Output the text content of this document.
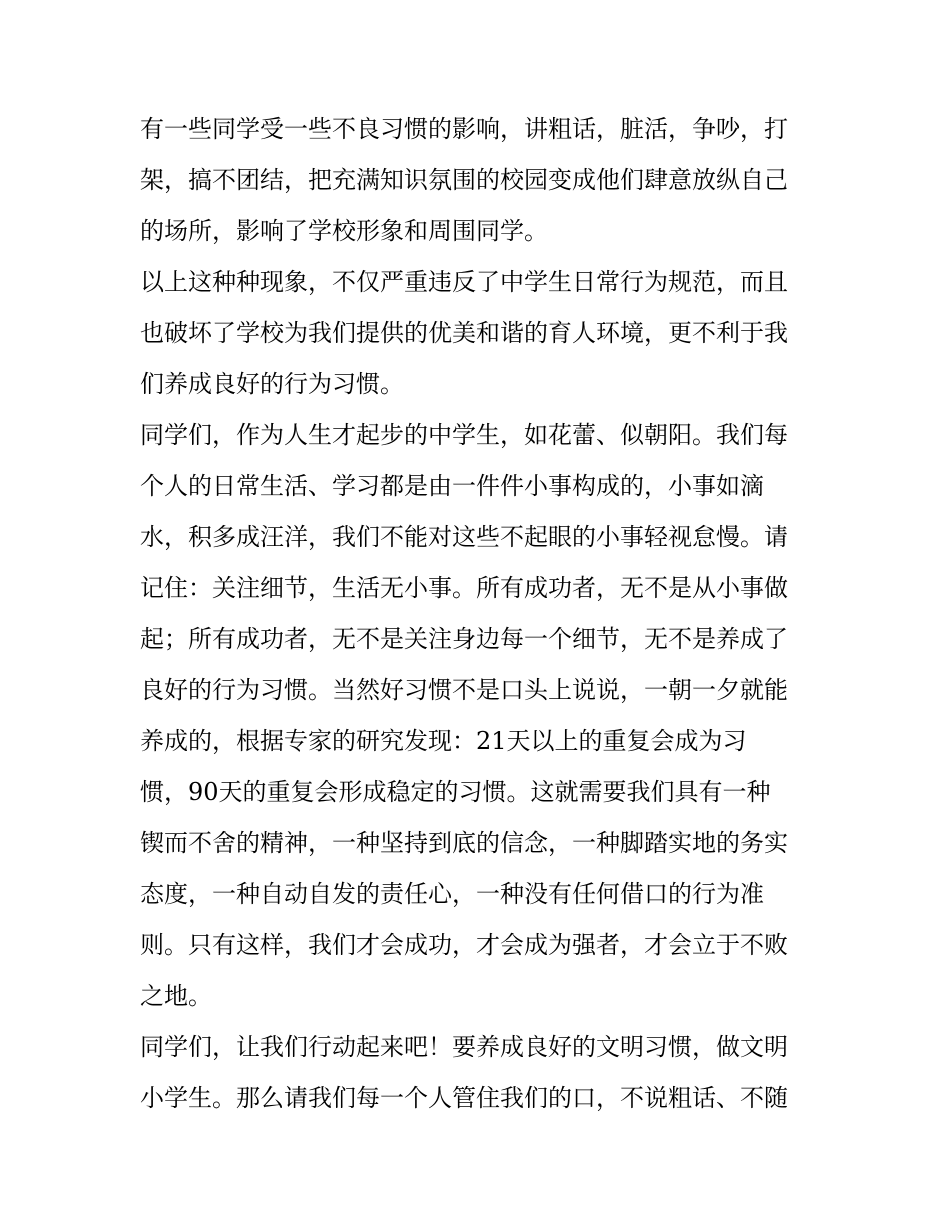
有一些同学受一些不良习惯的影响，讲粗话，脏活，争吵，打
架，搞不团结，把充满知识氛围的校园变成他们肆意放纵自己
的场所，影响了学校形象和周围同学。
以上这种种现象，不仅严重违反了中学生日常行为规范，而且
也破坏了学校为我们提供的优美和谐的育人环境，更不利于我
们养成良好的行为习惯。
同学们，作为人生才起步的中学生，如花蕾、似朝阳。我们每
个人的日常生活、学习都是由一件件小事构成的，小事如滴
水，积多成汪洋，我们不能对这些不起眼的小事轻视怠慢。请
记住：关注细节，生活无小事。所有成功者，无不是从小事做
起；所有成功者，无不是关注身边每一个细节，无不是养成了
良好的行为习惯。当然好习惯不是口头上说说，一朝一夕就能
养成的，根据专家的研究发现：21天以上的重复会成为习
惯，90天的重复会形成稳定的习惯。这就需要我们具有一种
锲而不舍的精神，一种坚持到底的信念，一种脚踏实地的务实
态度，一种自动自发的责任心，一种没有任何借口的行为准
则。只有这样，我们才会成功，才会成为强者，才会立于不败
之地。
同学们，让我们行动起来吧！要养成良好的文明习惯，做文明
小学生。那么请我们每一个人管住我们的口，不说粗话、不随
